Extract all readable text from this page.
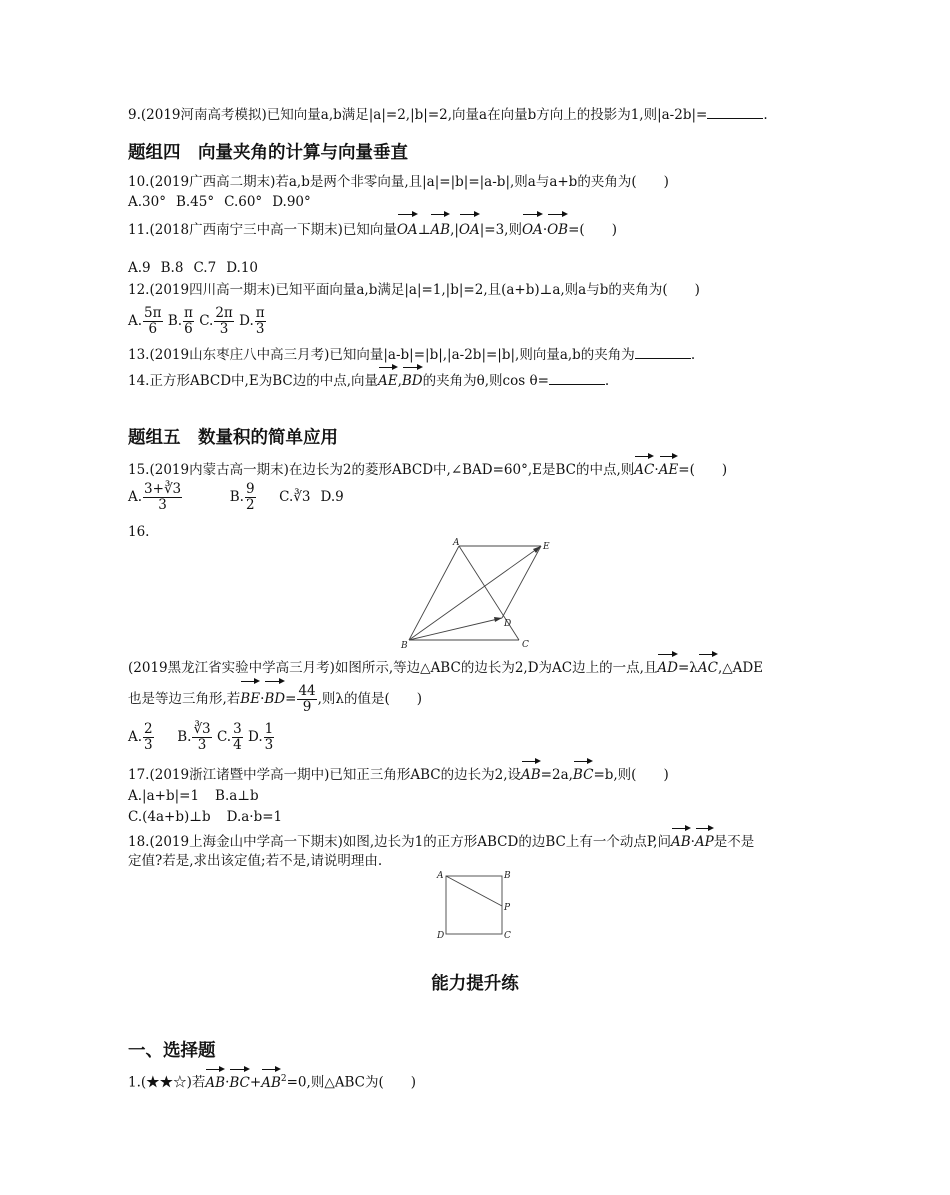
9.(2019河南高考模拟)已知向量a,b满足|a|=2,|b|=2,向量a在向量b方向上的投影为1,则|a-2b|=	.
题组四　向量夹角的计算与向量垂直
10.(2019广西高二期末)若a,b是两个非零向量,且|a|=|b|=|a-b|,则a与a+b的夹角为(　　)
A.30° B.45° C.60° D.90°
11.(2018广西南宁三中高一下期末)已知向量OA⊥AB,|OA|=3,则OA·OB=(　　)
A.9 B.8 C.7 D.10
12.(2019四川高一期末)已知平面向量a,b满足|a|=1,|b|=2,且(a+b)⊥a,则a与b的夹角为(　　)
A. $\frac{5\pi}{6} B$. $\frac{\pi}{6} C$. $\frac{2\pi}{3} D$. $\frac{\pi}{3}$
13.(2019山东枣庄八中高三月考)已知向量|a-b|=|b|,|a-2b|=|b|,则向量a,b的夹角为	.
14.正方形ABCD中,E为BC边的中点,向量AE,BD的夹角为θ,则cos θ=	.
题组五　数量积的简单应用
15.(2019内蒙古高一期末)在边长为2的菱形ABCD中,∠BAD=60°,E是BC的中点,则AC·AE=(　　)
A. $\frac{3+∛3}{3}$	B. $\frac{9}{2}$ C.∛3 D.9
16.
A	E
B
D
C
(2019黑龙江省实验中学高三月考)如图所示,等边△ABC的边长为2,D为AC边上的一点,且AD=λAC,△ADE
也是等边三角形,若$BE\cdot BD= \frac{44}{9}$ ,则λ的值是(　　)
A. $\frac{2}{3} B$. $\frac{∛3}{3} C$. $\frac{3}{4} D$. $\frac{1}{3}$
17.(2019浙江诸暨中学高一期中)已知正三角形ABC的边长为2,设AB=2a,BC=b,则(　　)
A.|a+b|=1 B.a⊥b
C.(4a+b)⊥b D.a·b=1
18.(2019上海金山中学高一下期末)如图,边长为1的正方形ABCD的边BC上有一个动点P,问AB·AP是不是
定值?若是,求出该定值;若不是,请说明理由.
A	B
P
D	C
能力提升练
一、选择题
1.(★★☆)若$AB\cdot BC+AB^2=0$,则△ABC为(　　)
